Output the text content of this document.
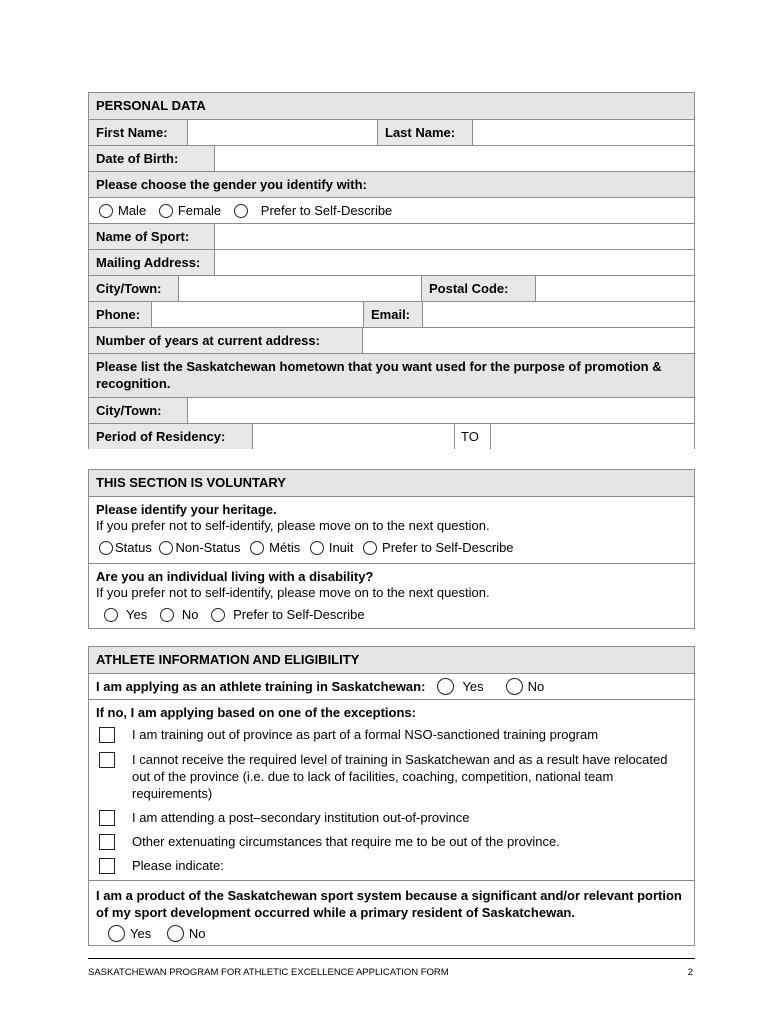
PERSONAL DATA
First Name:	Last Name:
Date of Birth:
Please choose the gender you identify with:
Male
Female
	Prefer to Self-Describe
Name of Sport:
Mailing Address:
City/Town:	Postal Code:
Phone:	Email:
Number of years at current address:
Please list the Saskatchewan hometown that you want used for the purpose of promotion & recognition.
City/Town:
Period of Residency:	TO
THIS SECTION IS VOLUNTARY
Please identify your heritage.
If you prefer not to self-identify, please move on to the next question.
Status
Non-Status
Métis
Inuit
Prefer to Self-Describe
Are you an individual living with a disability?
If you prefer not to self-identify, please move on to the next question.
Yes
	No
	Prefer to Self-Describe
ATHLETE INFORMATION AND ELIGIBILITY
I am applying as an athlete training in Saskatchewan:	Yes	No
If no, I am applying based on one of the exceptions:
I am training out of province as part of a formal NSO-sanctioned training program
I cannot receive the required level of training in Saskatchewan and as a result have relocated out of the province (i.e. due to lack of facilities, coaching, competition, national team requirements)
I am attending a post–secondary institution out-of-province
Other extenuating circumstances that require me to be out of the province.
Please indicate:
I am a product of the Saskatchewan sport system because a significant and/or relevant portion of my sport development occurred while a primary resident of Saskatchewan.
Yes
	No
SASKATCHEWAN PROGRAM FOR ATHLETIC EXCELLENCE APPLICATION FORM	2
